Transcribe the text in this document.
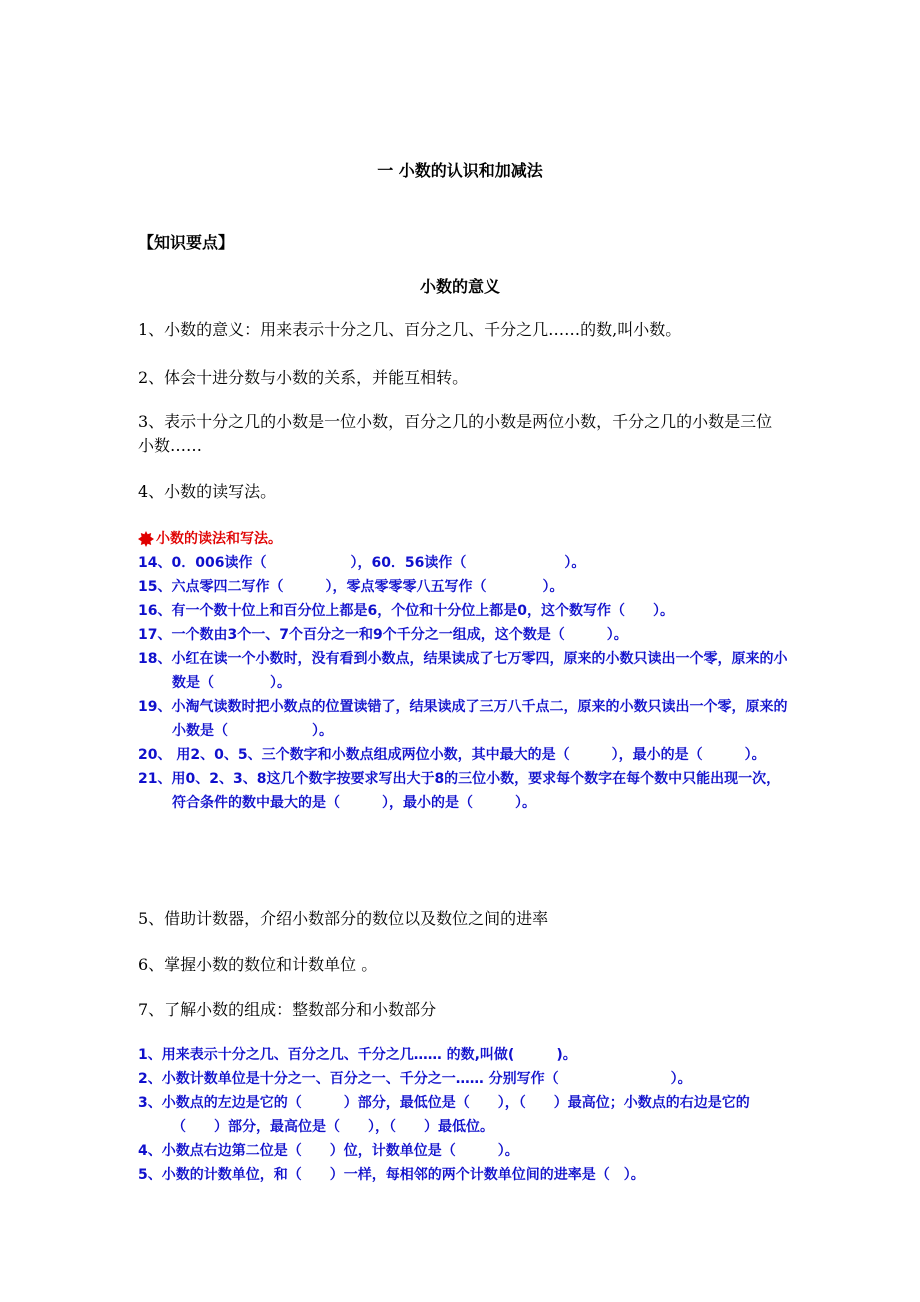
一 小数的认识和加减法
【知识要点】
小数的意义
1、小数的意义：用来表示十分之几、百分之几、千分之几……的数,叫小数。
2、体会十进分数与小数的关系，并能互相转。
3、表示十分之几的小数是一位小数，百分之几的小数是两位小数，千分之几的小数是三位小数……
4、小数的读写法。
小数的读法和写法。
14、0．006读作（　　　　　　），60．56读作（　　　　　　　）。
15、六点零四二写作（　　　），零点零零零八五写作（　　　　）。
16、有一个数十位上和百分位上都是6，个位和十分位上都是0，这个数写作（　　）。
17、一个数由3个一、7个百分之一和9个千分之一组成，这个数是（　　　）。
18、小红在读一个小数时，没有看到小数点，结果读成了七万零四，原来的小数只读出一个零，原来的小数是（　　　　）。
19、小淘气读数时把小数点的位置读错了，结果读成了三万八千点二，原来的小数只读出一个零，原来的小数是（　　　　　　）。
20、 用2、0、5、三个数字和小数点组成两位小数，其中最大的是（　　　），最小的是（　　　）。
21、用0、2、3、8这几个数字按要求写出大于8的三位小数，要求每个数字在每个数中只能出现一次，符合条件的数中最大的是（　　　），最小的是（　　　）。
5、借助计数器，介绍小数部分的数位以及数位之间的进率
6、掌握小数的数位和计数单位 。
7、了解小数的组成：整数部分和小数部分
1、用来表示十分之几、百分之几、千分之几…… 的数,叫做(　　　)。
2、小数计数单位是十分之一、百分之一、千分之一…… 分别写作（　　　　　　　　）。
3、小数点的左边是它的（　　　）部分，最低位是（　　），（　　）最高位；小数点的右边是它的（　　）部分，最高位是（　　），（　　）最低位。
4、小数点右边第二位是（　　）位，计数单位是（　　　）。
5、小数的计数单位，和（　　）一样，每相邻的两个计数单位间的进率是（　）。
